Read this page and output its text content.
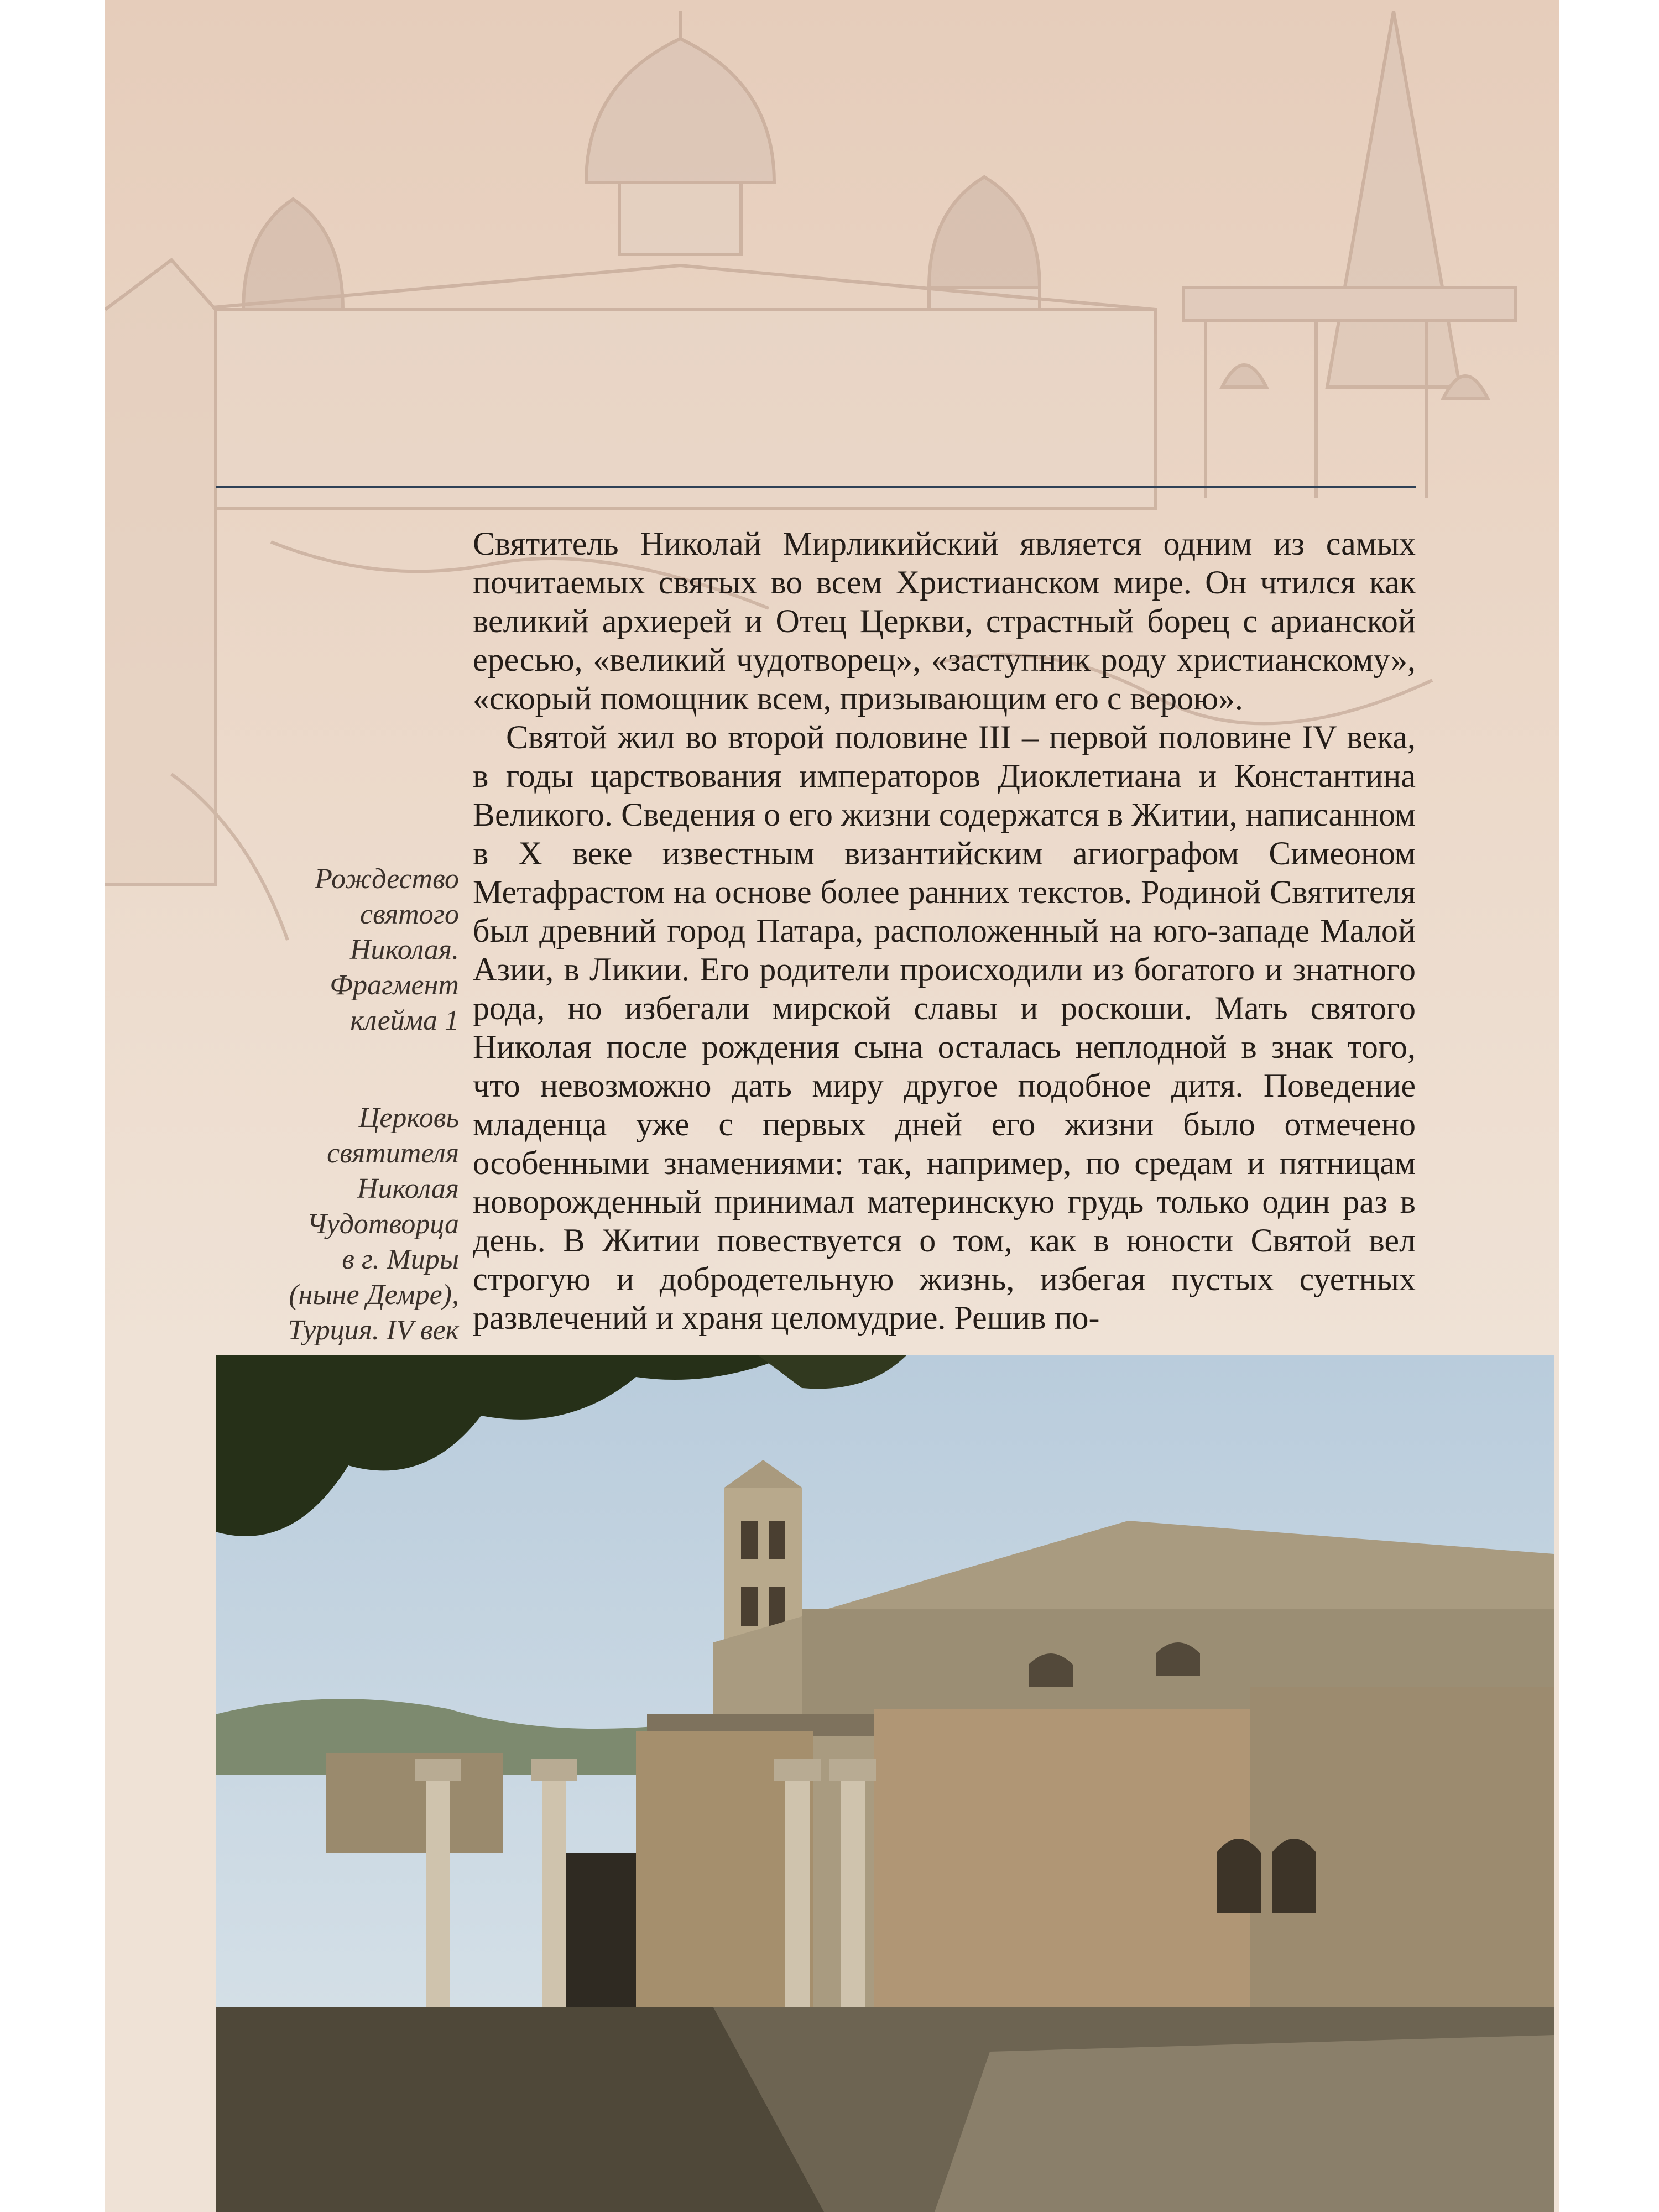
Рождество
святого
Николая.
Фрагмент
клейма 1
Церковь
святителя
Николая
Чудотворца
в г. Миры
(ныне Демре),
Турция. IV век

Святитель Николай Мирликийский является одним из самых почитаемых святых во всем Христианском мире. Он чтился как великий архиерей и Отец Церкви, страстный борец с арианской ересью, «великий чудотворец», «заступник роду христианскому», «скорый помощник всем, призывающим его с верою».

Святой жил во второй половине III – первой половине IV века, в годы царствования императоров Диоклетиана и Константина Великого. Сведения о его жизни содержатся в Житии, написанном в X веке известным византийским агиографом Симеоном Метафрастом на основе более ранних текстов. Родиной Святителя был древний город Патара, расположенный на юго-западе Малой Азии, в Ликии. Его родители происходили из богатого и знатного рода, но избегали мирской славы и роскоши. Мать святого Николая после рождения сына осталась неплодной в знак того, что невозможно дать миру другое подобное дитя. Поведение младенца уже с первых дней его жизни было отмечено особенными знамениями: так, например, по средам и пятницам новорожденный принимал материнскую грудь только один раз в день. В Житии повествуется о том, как в юности Святой вел строгую и добродетельную жизнь, избегая пустых суетных развлечений и храня целомудрие. Решив по-
